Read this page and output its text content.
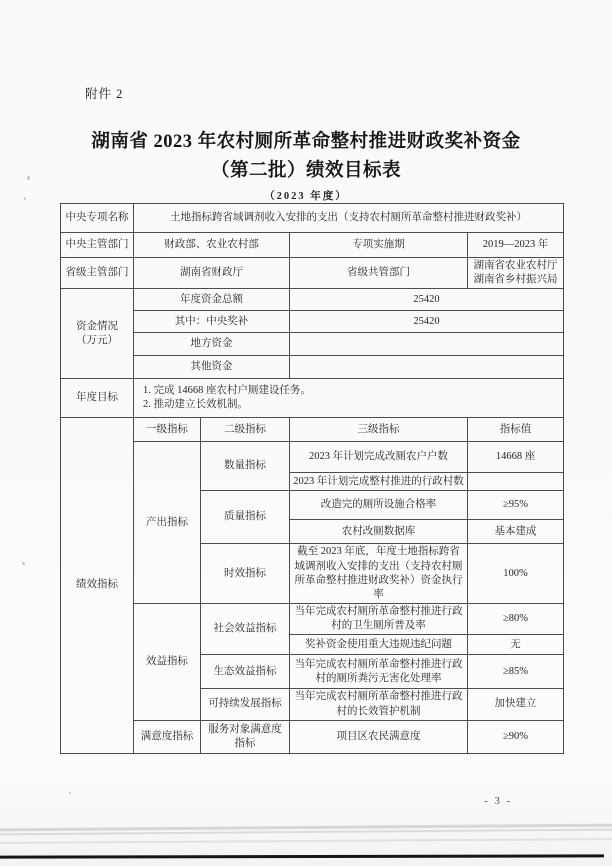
附件 2
湖南省 2023 年农村厕所革命整村推进财政奖补资金
（第二批）绩效目标表
（2023 年度）
中央专项名称	土地指标跨省域调剂收入安排的支出（支持农村厕所革命整村推进财政奖补）			
中央主管部门	财政部、农业农村部		专项实施期	2019—2023 年
省级主管部门	湖南省财政厅		省级共管部门	湖南省农业农村厅
湖南省乡村振兴局

资金情况
（万元）	年度资金总额		25420	
	其中：中央奖补		25420	
	地方资金			
	其他资金			
年度目标	1. 完成 14668 座农村户厕建设任务。
2. 推动建立长效机制。			

绩效指标	一级指标	二级指标	三级指标	指标值
	产出指标	数量指标	2023 年计划完成改厕农户户数	14668 座
			2023 年计划完成整村推进的行政村数	
		质量指标	改造完的厕所设施合格率	≥95%
			农村改厕数据库	基本建成
		时效指标	截至 2023 年底，年度土地指标跨省域调剂收入安排的支出（支持农村厕所革命整村推进财政奖补）资金执行率	100%
	效益指标	社会效益指标	当年完成农村厕所革命整村推进行政村的卫生厕所普及率	≥80%
			奖补资金使用重大违规违纪问题	无
		生态效益指标	当年完成农村厕所革命整村推进行政村的厕所粪污无害化处理率	≥85%
		可持续发展指标	当年完成农村厕所革命整村推进行政村的长效管护机制	加快建立
	满意度指标	服务对象满意度指标	项目区农民满意度	≥90%
- 3 -
